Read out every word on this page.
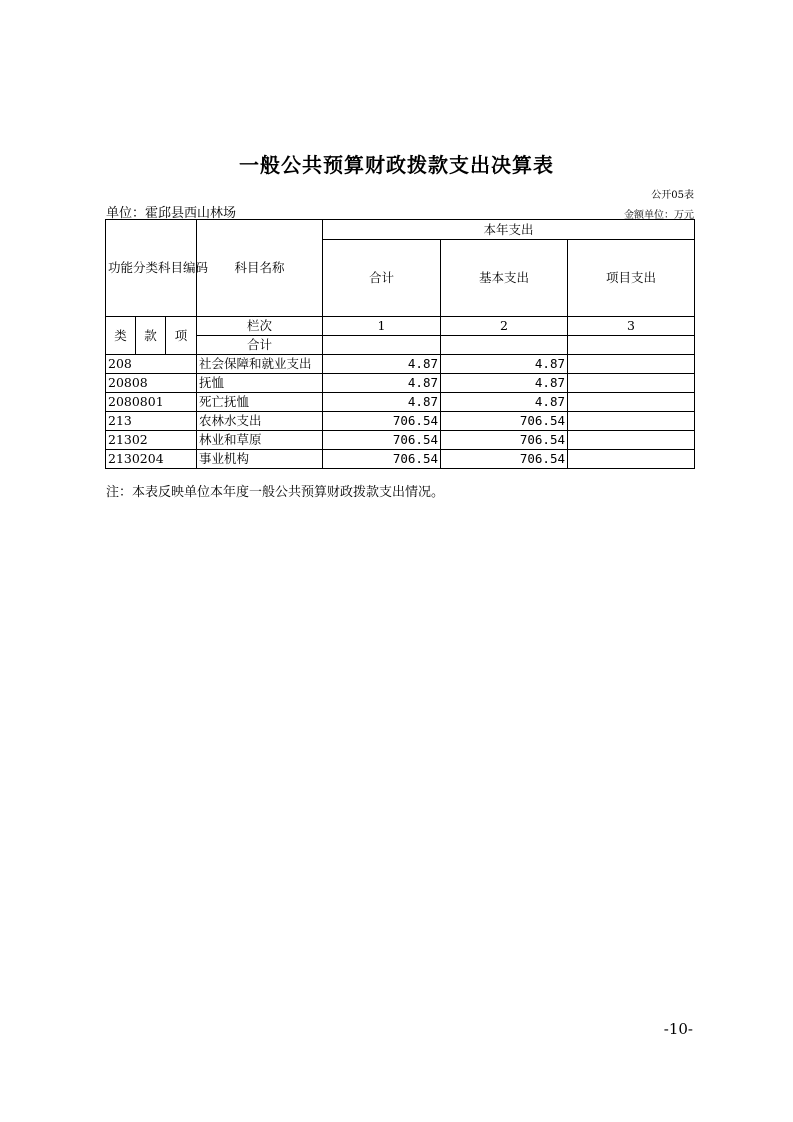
一般公共预算财政拨款支出决算表
公开05表
单位：霍邱县西山林场	金额单位：万元
功能分类科目编码			科目名称	本年支出		
				合计	基本支出	项目支出
类	款	项	栏次	1	2	3
			合计			
208			社会保障和就业支出	4.87	4.87	
20808			抚恤	4.87	4.87	
2080801			死亡抚恤	4.87	4.87	
213			农林水支出	706.54	706.54	
21302			林业和草原	706.54	706.54	
2130204			事业机构	706.54	706.54	
注：本表反映单位本年度一般公共预算财政拨款支出情况。
-10-
